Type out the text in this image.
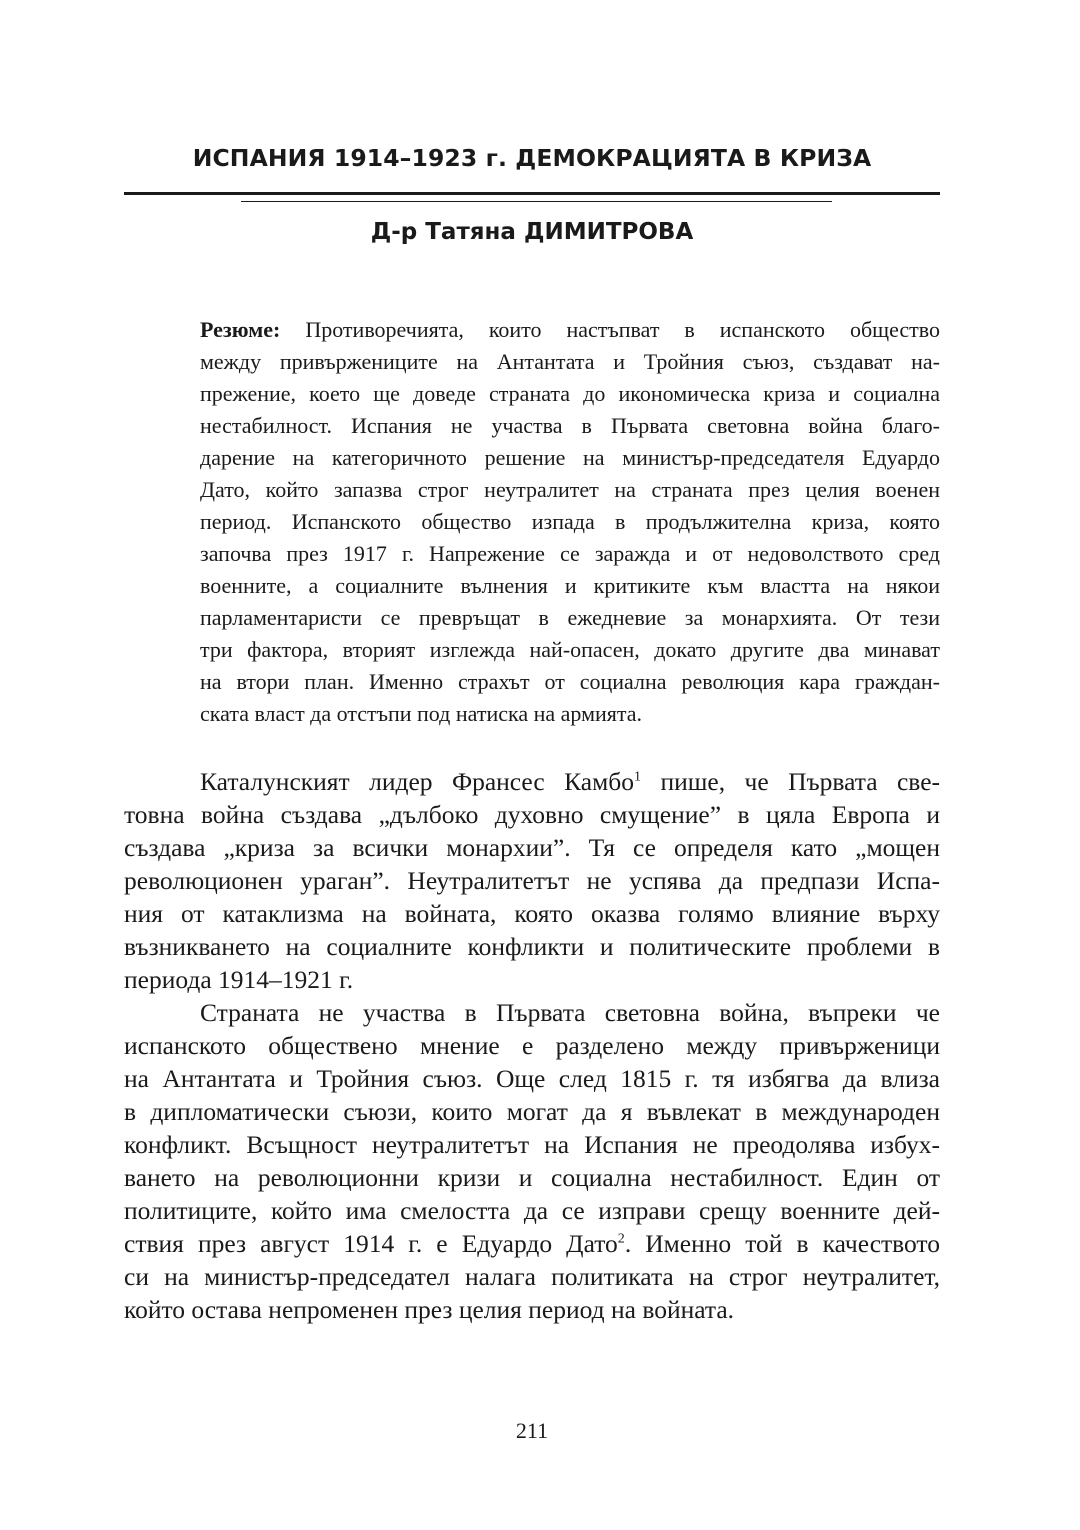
ИСПАНИЯ 1914–1923 г. ДЕМОКРАЦИЯТА В КРИЗА
Д-р Татяна ДИМИТРОВА
Резюме: Противоречията, които настъпват в испанското общество
между привържениците на Антантата и Тройния съюз, създават на-
прежение, което ще доведе страната до икономическа криза и социална
нестабилност. Испания не участва в Първата световна война благо-
дарение на категоричното решение на министър-председателя Едуардо
Дато, който запазва строг неутралитет на страната през целия военен
период. Испанското общество изпада в продължителна криза, която
започва през 1917 г. Напрежение се заражда и от недоволството сред
военните, а социалните вълнения и критиките към властта на някои
парламентаристи се превръщат в ежедневие за монархията. От тези
три фактора, вторият изглежда най-опасен, докато другите два минават
на втори план. Именно страхът от социална революция кара граждан-
ската власт да отстъпи под натиска на армията.
Каталунският лидер Франсес Камбо$^1$ пише, че Първата све-
товна война създава „дълбоко духовно смущение” в цяла Европа и
създава „криза за всички монархии”. Тя се определя като „мощен
революционен ураган”. Неутралитетът не успява да предпази Испа-
ния от катаклизма на войната, която оказва голямо влияние върху
възникването на социалните конфликти и политическите проблеми в
периода 1914–1921 г.
Страната не участва в Първата световна война, въпреки че
испанското обществено мнение е разделено между привърженици
на Антантата и Тройния съюз. Още след 1815 г. тя избягва да влиза
в дипломатически съюзи, които могат да я въвлекат в международен
конфликт. Всъщност неутралитетът на Испания не преодолява избух-
ването на революционни кризи и социална нестабилност. Един от
политиците, който има смелостта да се изправи срещу военните дей-
ствия през август 1914 г. е Едуардо Дато$^2$. Именно той в качеството
си на министър-председател налага политиката на строг неутралитет,
който остава непроменен през целия период на войната.
211
